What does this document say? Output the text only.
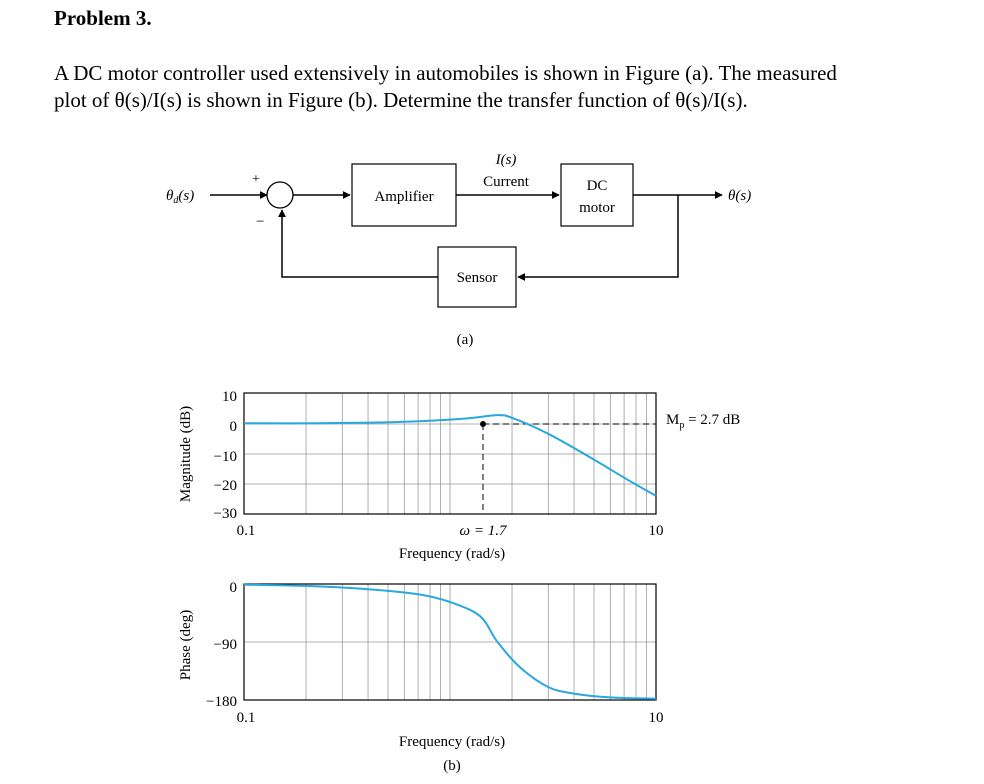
Problem 3.

A DC motor controller used extensively in automobiles is shown in Figure (a). The measured
plot of θ(s)/I(s) is shown in Figure (b). Determine the transfer function of θ(s)/I(s).

$\theta_d(s)$
+
−
Amplifier
I(s)
Current	DC
motor
θ(s)
Sensor
(a)
10
0
−10
−20
−30
0.1	10
ω = 1.7
Frequency (rad/s)
$M_p = 2.7$ dB
Magnitude (dB)
0
−90
−180
0.1	10
Frequency (rad/s)
(b)
Phase (deg)
